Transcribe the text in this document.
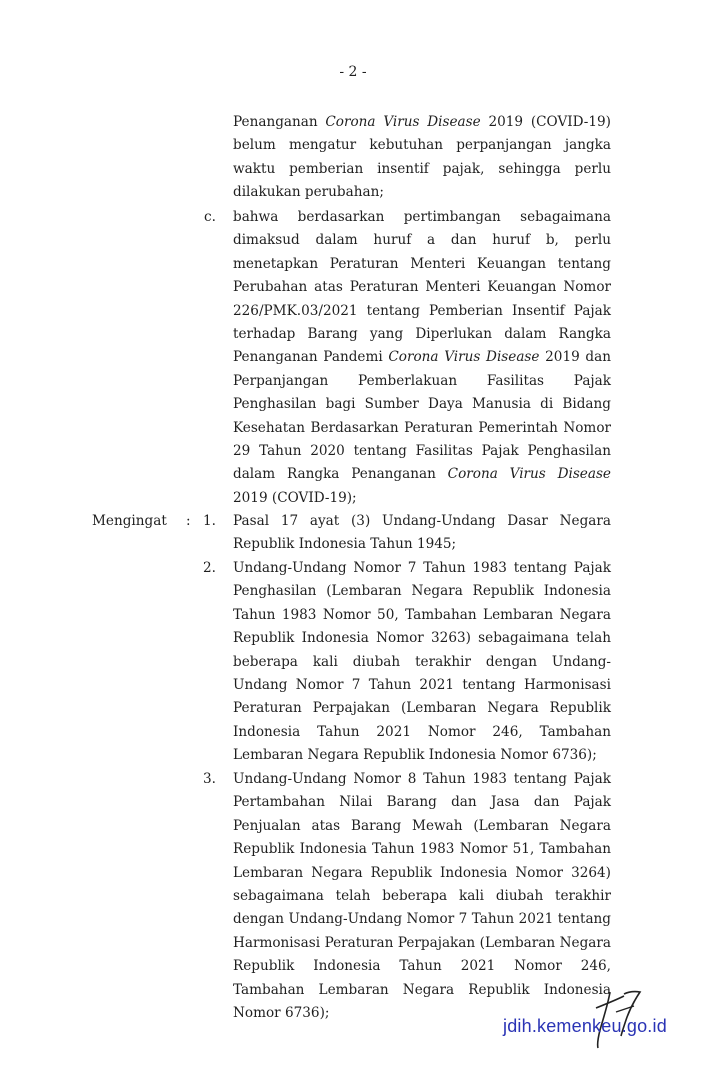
- 2 -

Penanganan Corona Virus Disease 2019 (COVID-19) belum mengatur kebutuhan perpanjangan jangka waktu pemberian insentif pajak, sehingga perlu dilakukan perubahan;

c. bahwa berdasarkan pertimbangan sebagaimana dimaksud dalam huruf a dan huruf b, perlu menetapkan Peraturan Menteri Keuangan tentang Perubahan atas Peraturan Menteri Keuangan Nomor 226/PMK.03/2021 tentang Pemberian Insentif Pajak terhadap Barang yang Diperlukan dalam Rangka Penanganan Pandemi Corona Virus Disease 2019 dan Perpanjangan Pemberlakuan Fasilitas Pajak Penghasilan bagi Sumber Daya Manusia di Bidang Kesehatan Berdasarkan Peraturan Pemerintah Nomor 29 Tahun 2020 tentang Fasilitas Pajak Penghasilan dalam Rangka Penanganan Corona Virus Disease 2019 (COVID-19);

Mengingat : 1. Pasal 17 ayat (3) Undang-Undang Dasar Negara Republik Indonesia Tahun 1945;

2. Undang-Undang Nomor 7 Tahun 1983 tentang Pajak Penghasilan (Lembaran Negara Republik Indonesia Tahun 1983 Nomor 50, Tambahan Lembaran Negara Republik Indonesia Nomor 3263) sebagaimana telah beberapa kali diubah terakhir dengan Undang-Undang Nomor 7 Tahun 2021 tentang Harmonisasi Peraturan Perpajakan (Lembaran Negara Republik Indonesia Tahun 2021 Nomor 246, Tambahan Lembaran Negara Republik Indonesia Nomor 6736);

3. Undang-Undang Nomor 8 Tahun 1983 tentang Pajak Pertambahan Nilai Barang dan Jasa dan Pajak Penjualan atas Barang Mewah (Lembaran Negara Republik Indonesia Tahun 1983 Nomor 51, Tambahan Lembaran Negara Republik Indonesia Nomor 3264) sebagaimana telah beberapa kali diubah terakhir dengan Undang-Undang Nomor 7 Tahun 2021 tentang Harmonisasi Peraturan Perpajakan (Lembaran Negara Republik Indonesia Tahun 2021 Nomor 246, Tambahan Lembaran Negara Republik Indonesia Nomor 6736);

jdih.kemenkeu.go.id
